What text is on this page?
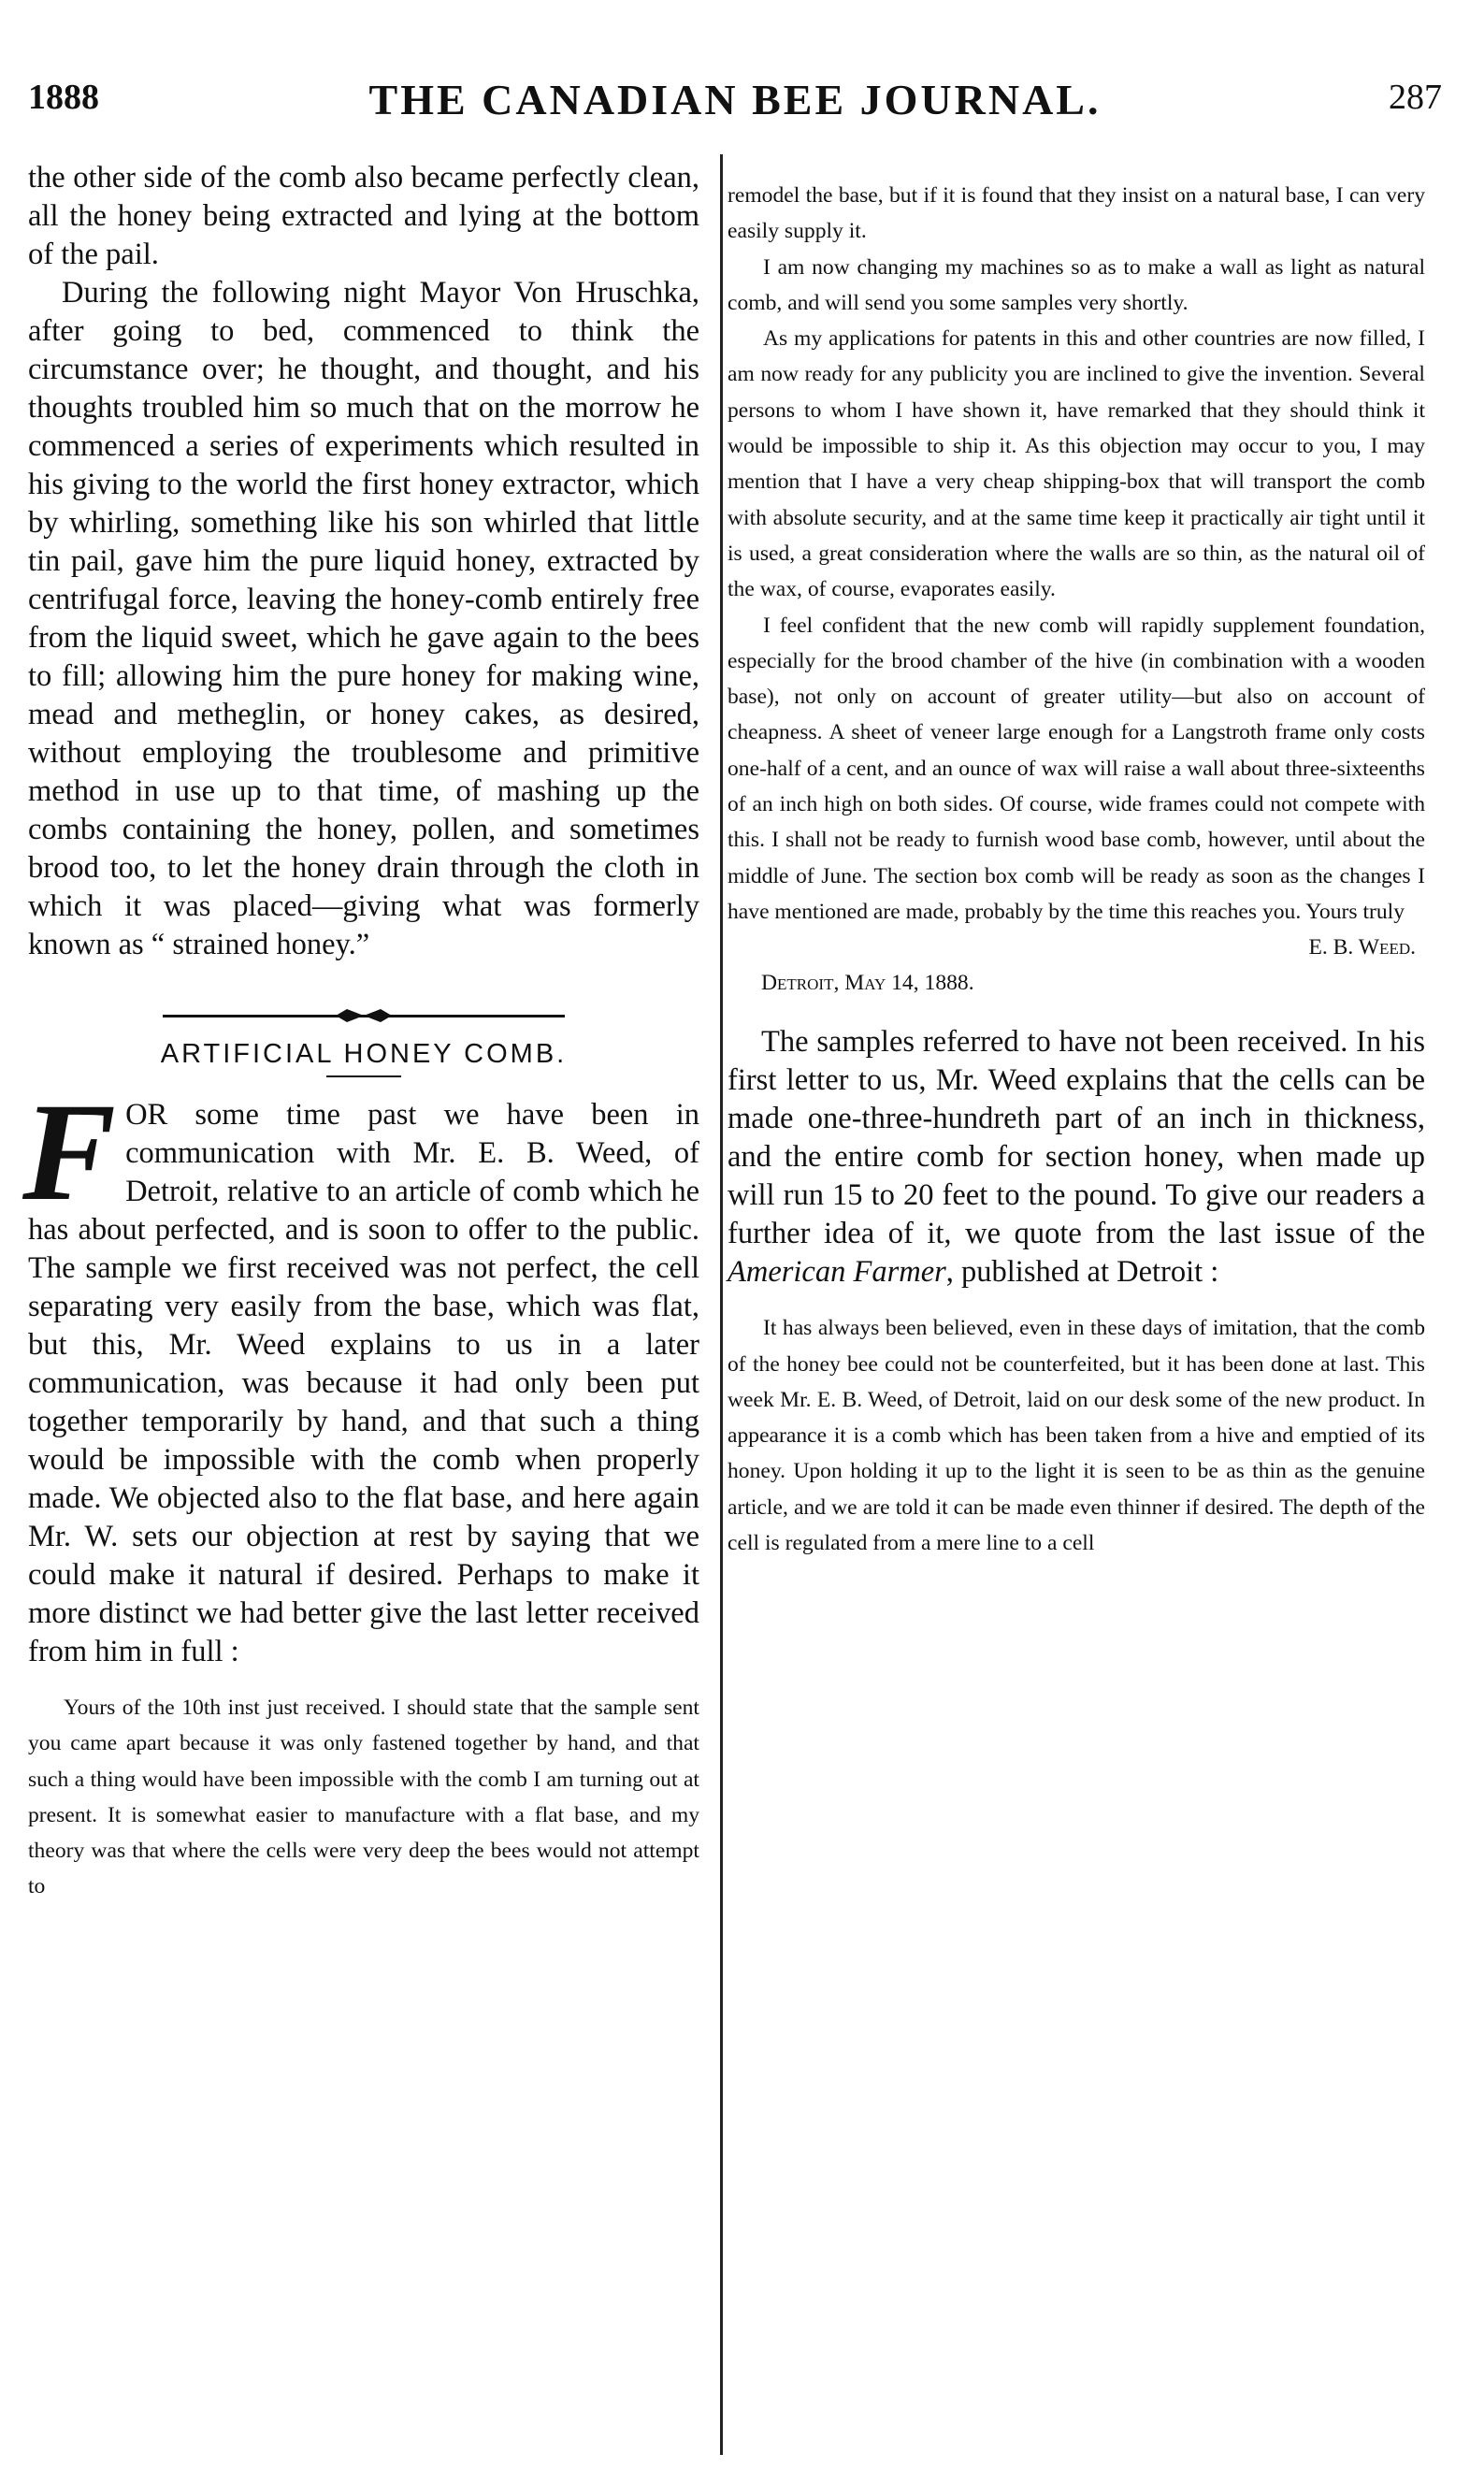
1888	THE CANADIAN BEE JOURNAL.	287

the other side of the comb also became perfectly clean, all the honey being extracted and lying at the bottom of the pail.

During the following night Mayor Von Hruschka, after going to bed, commenced to think the circumstance over; he thought, and thought, and his thoughts troubled him so much that on the morrow he commenced a series of experiments which resulted in his giving to the world the first honey extractor, which by whirling, something like his son whirled that little tin pail, gave him the pure liquid honey, extracted by centrifugal force, leaving the honey-comb entirely free from the liquid sweet, which he gave again to the bees to fill; allowing him the pure honey for making wine, mead and metheglin, or honey cakes, as desired, without employing the troublesome and primitive method in use up to that time, of mashing up the combs containing the honey, pollen, and sometimes brood too, to let the honey drain through the cloth in which it was placed—giving what was formerly known as “ strained honey.”

ARTIFICIAL HONEY COMB.

F OR some time past we have been in communication with Mr. E. B. Weed, of Detroit, relative to an article of comb which he has about perfected, and is soon to offer to the public. The sample we first received was not perfect, the cell separating very easily from the base, which was flat, but this, Mr. Weed explains to us in a later communication, was because it had only been put together temporarily by hand, and that such a thing would be impossible with the comb when properly made. We objected also to the flat base, and here again Mr. W. sets our objection at rest by saying that we could make it natural if desired. Perhaps to make it more distinct we had better give the last letter received from him in full :

Yours of the 10th inst just received. I should state that the sample sent you came apart because it was only fastened together by hand, and that such a thing would have been impossible with the comb I am turning out at present. It is somewhat easier to manufacture with a flat base, and my theory was that where the cells were very deep the bees would not attempt to

remodel the base, but if it is found that they insist on a natural base, I can very easily supply it.

I am now changing my machines so as to make a wall as light as natural comb, and will send you some samples very shortly.

As my applications for patents in this and other countries are now filled, I am now ready for any publicity you are inclined to give the invention. Several persons to whom I have shown it, have remarked that they should think it would be impossible to ship it. As this objection may occur to you, I may mention that I have a very cheap shipping-box that will transport the comb with absolute security, and at the same time keep it practically air tight until it is used, a great consideration where the walls are so thin, as the natural oil of the wax, of course, evaporates easily.

I feel confident that the new comb will rapidly supplement foundation, especially for the brood chamber of the hive (in combination with a wooden base), not only on account of greater utility—but also on account of cheapness. A sheet of veneer large enough for a Langstroth frame only costs one-half of a cent, and an ounce of wax will raise a wall about three-sixteenths of an inch high on both sides. Of course, wide frames could not compete with this. I shall not be ready to furnish wood base comb, however, until about the middle of June. The section box comb will be ready as soon as the changes I have mentioned are made, probably by the time this reaches you. Yours truly

E. B. Weed.

Detroit, May 14, 1888.

The samples referred to have not been received. In his first letter to us, Mr. Weed explains that the cells can be made one-three-hundreth part of an inch in thickness, and the entire comb for section honey, when made up will run 15 to 20 feet to the pound. To give our readers a further idea of it, we quote from the last issue of the American Farmer, published at Detroit :

It has always been believed, even in these days of imitation, that the comb of the honey bee could not be counterfeited, but it has been done at last. This week Mr. E. B. Weed, of Detroit, laid on our desk some of the new product. In appearance it is a comb which has been taken from a hive and emptied of its honey. Upon holding it up to the light it is seen to be as thin as the genuine article, and we are told it can be made even thinner if desired. The depth of the cell is regulated from a mere line to a cell
